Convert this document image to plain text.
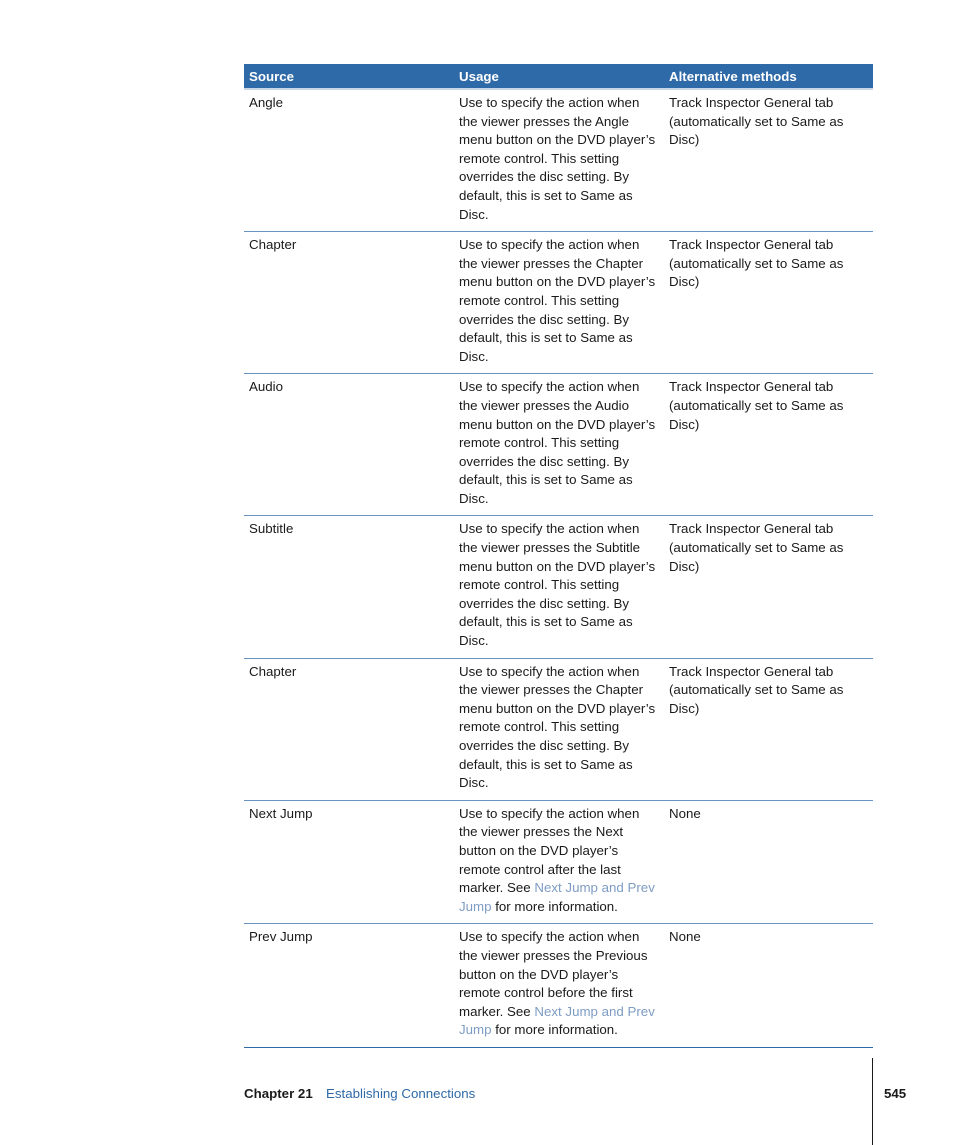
Source	Usage	Alternative methods
Angle	Use to specify the action when the viewer presses the Angle menu button on the DVD player’s remote control. This setting overrides the disc setting. By default, this is set to Same as Disc.	Track Inspector General tab (automatically set to Same as Disc)
Chapter	Use to specify the action when the viewer presses the Chapter menu button on the DVD player’s remote control. This setting overrides the disc setting. By default, this is set to Same as Disc.	Track Inspector General tab (automatically set to Same as Disc)
Audio	Use to specify the action when the viewer presses the Audio menu button on the DVD player’s remote control. This setting overrides the disc setting. By default, this is set to Same as Disc.	Track Inspector General tab (automatically set to Same as Disc)
Subtitle	Use to specify the action when the viewer presses the Subtitle menu button on the DVD player’s remote control. This setting overrides the disc setting. By default, this is set to Same as Disc.	Track Inspector General tab (automatically set to Same as Disc)
Chapter	Use to specify the action when the viewer presses the Chapter menu button on the DVD player’s remote control. This setting overrides the disc setting. By default, this is set to Same as Disc.	Track Inspector General tab (automatically set to Same as Disc)
Next Jump	Use to specify the action when the viewer presses the Next button on the DVD player’s remote control after the last marker. See Next Jump and Prev Jump for more information.	None
Prev Jump	Use to specify the action when the viewer presses the Previous button on the DVD player’s remote control before the first marker. See Next Jump and Prev Jump for more information.	None
Chapter 21 Establishing Connections	545
